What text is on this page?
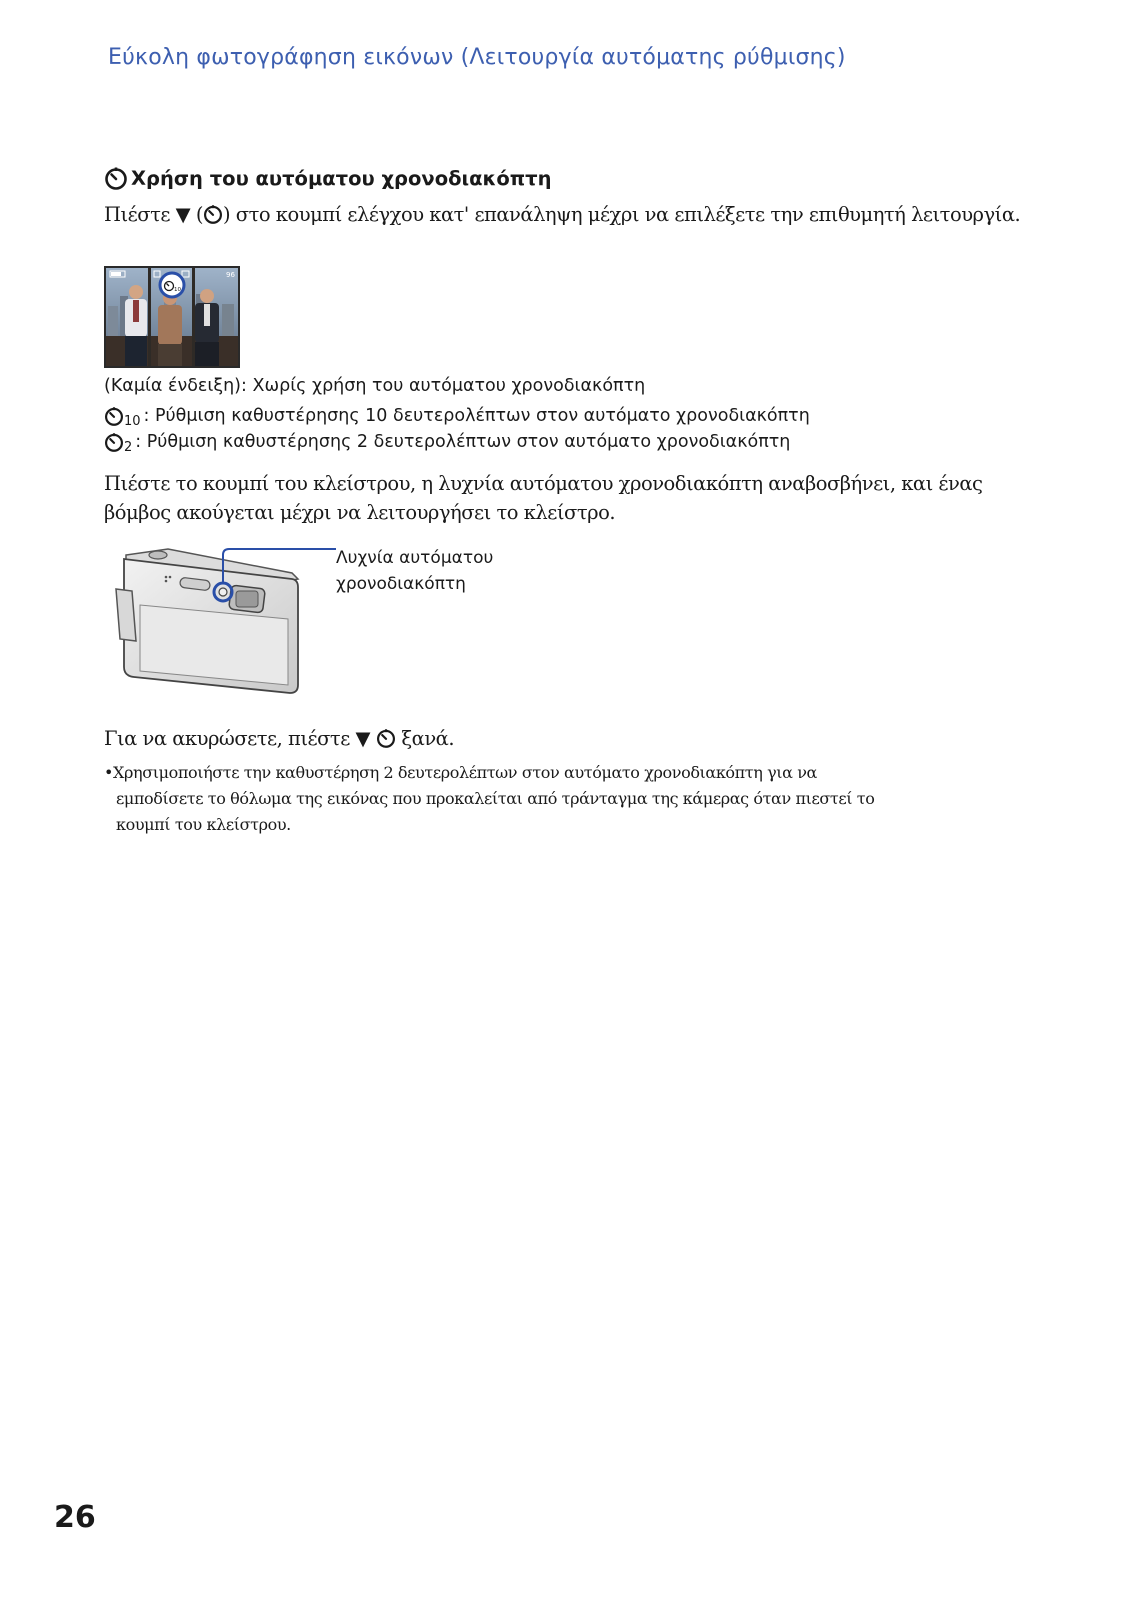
Εύκολη φωτογράφηση εικόνων (Λειτουργία αυτόματης ρύθμισης)
Χρήση του αυτόματου χρονοδιακόπτη
Πιέστε ▼ ( ) στο κουμπί ελέγχου κατ' επανάληψη μέχρι να επιλέξετε την επιθυμητή λειτουργία.
96
10
(Καμία ένδειξη): Χωρίς χρήση του αυτόματου χρονοδιακόπτη
10 : Ρύθμιση καθυστέρησης 10 δευτερολέπτων στον αυτόματο χρονοδιακόπτη
2 : Ρύθμιση καθυστέρησης 2 δευτερολέπτων στον αυτόματο χρονοδιακόπτη
Πιέστε το κουμπί του κλείστρου, η λυχνία αυτόματου χρονοδιακόπτη αναβοσβήνει, και ένας βόμβος ακούγεται μέχρι να λειτουργήσει το κλείστρο.
Λυχνία αυτόματου
χρονοδιακόπτη
Για να ακυρώσετε, πιέστε ▼ ξανά.
•Χρησιμοποιήστε την καθυστέρηση 2 δευτερολέπτων στον αυτόματο χρονοδιακόπτη για να
εμποδίσετε το θόλωμα της εικόνας που προκαλείται από τράνταγμα της κάμερας όταν πιεστεί το
κουμπί του κλείστρου.
26
